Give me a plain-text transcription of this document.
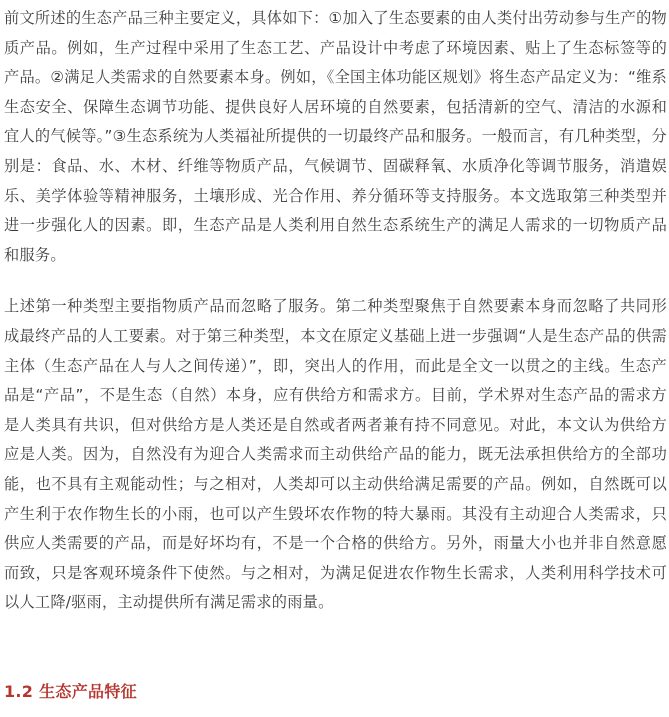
前文所述的生态产品三种主要定义，具体如下：①加入了生态要素的由人类付出劳动参与生产的物质产品。例如，生产过程中采用了生态工艺、产品设计中考虑了环境因素、贴上了生态标签等的产品。②满足人类需求的自然要素本身。例如，《全国主体功能区规划》将生态产品定义为：“维系生态安全、保障生态调节功能、提供良好人居环境的自然要素，包括清新的空气、清洁的水源和宜人的气候等。”③生态系统为人类福祉所提供的一切最终产品和服务。一般而言，有几种类型，分别是：食品、水、木材、纤维等物质产品，气候调节、固碳释氧、水质净化等调节服务，消遣娱乐、美学体验等精神服务，土壤形成、光合作用、养分循环等支持服务。本文选取第三种类型并进一步强化人的因素。即，生态产品是人类利用自然生态系统生产的满足人需求的一切物质产品和服务。

上述第一种类型主要指物质产品而忽略了服务。第二种类型聚焦于自然要素本身而忽略了共同形成最终产品的人工要素。对于第三种类型，本文在原定义基础上进一步强调“人是生态产品的供需主体（生态产品在人与人之间传递）”，即，突出人的作用，而此是全文一以贯之的主线。生态产品是“产品”，不是生态（自然）本身，应有供给方和需求方。目前，学术界对生态产品的需求方是人类具有共识，但对供给方是人类还是自然或者两者兼有持不同意见。对此，本文认为供给方应是人类。因为，自然没有为迎合人类需求而主动供给产品的能力，既无法承担供给方的全部功能，也不具有主观能动性；与之相对，人类却可以主动供给满足需要的产品。例如，自然既可以产生利于农作物生长的小雨，也可以产生毁坏农作物的特大暴雨。其没有主动迎合人类需求，只供应人类需要的产品，而是好坏均有，不是一个合格的供给方。另外，雨量大小也并非自然意愿而致，只是客观环境条件下使然。与之相对，为满足促进农作物生长需求，人类利用科学技术可以人工降/驱雨，主动提供所有满足需求的雨量。

1.2 生态产品特征
